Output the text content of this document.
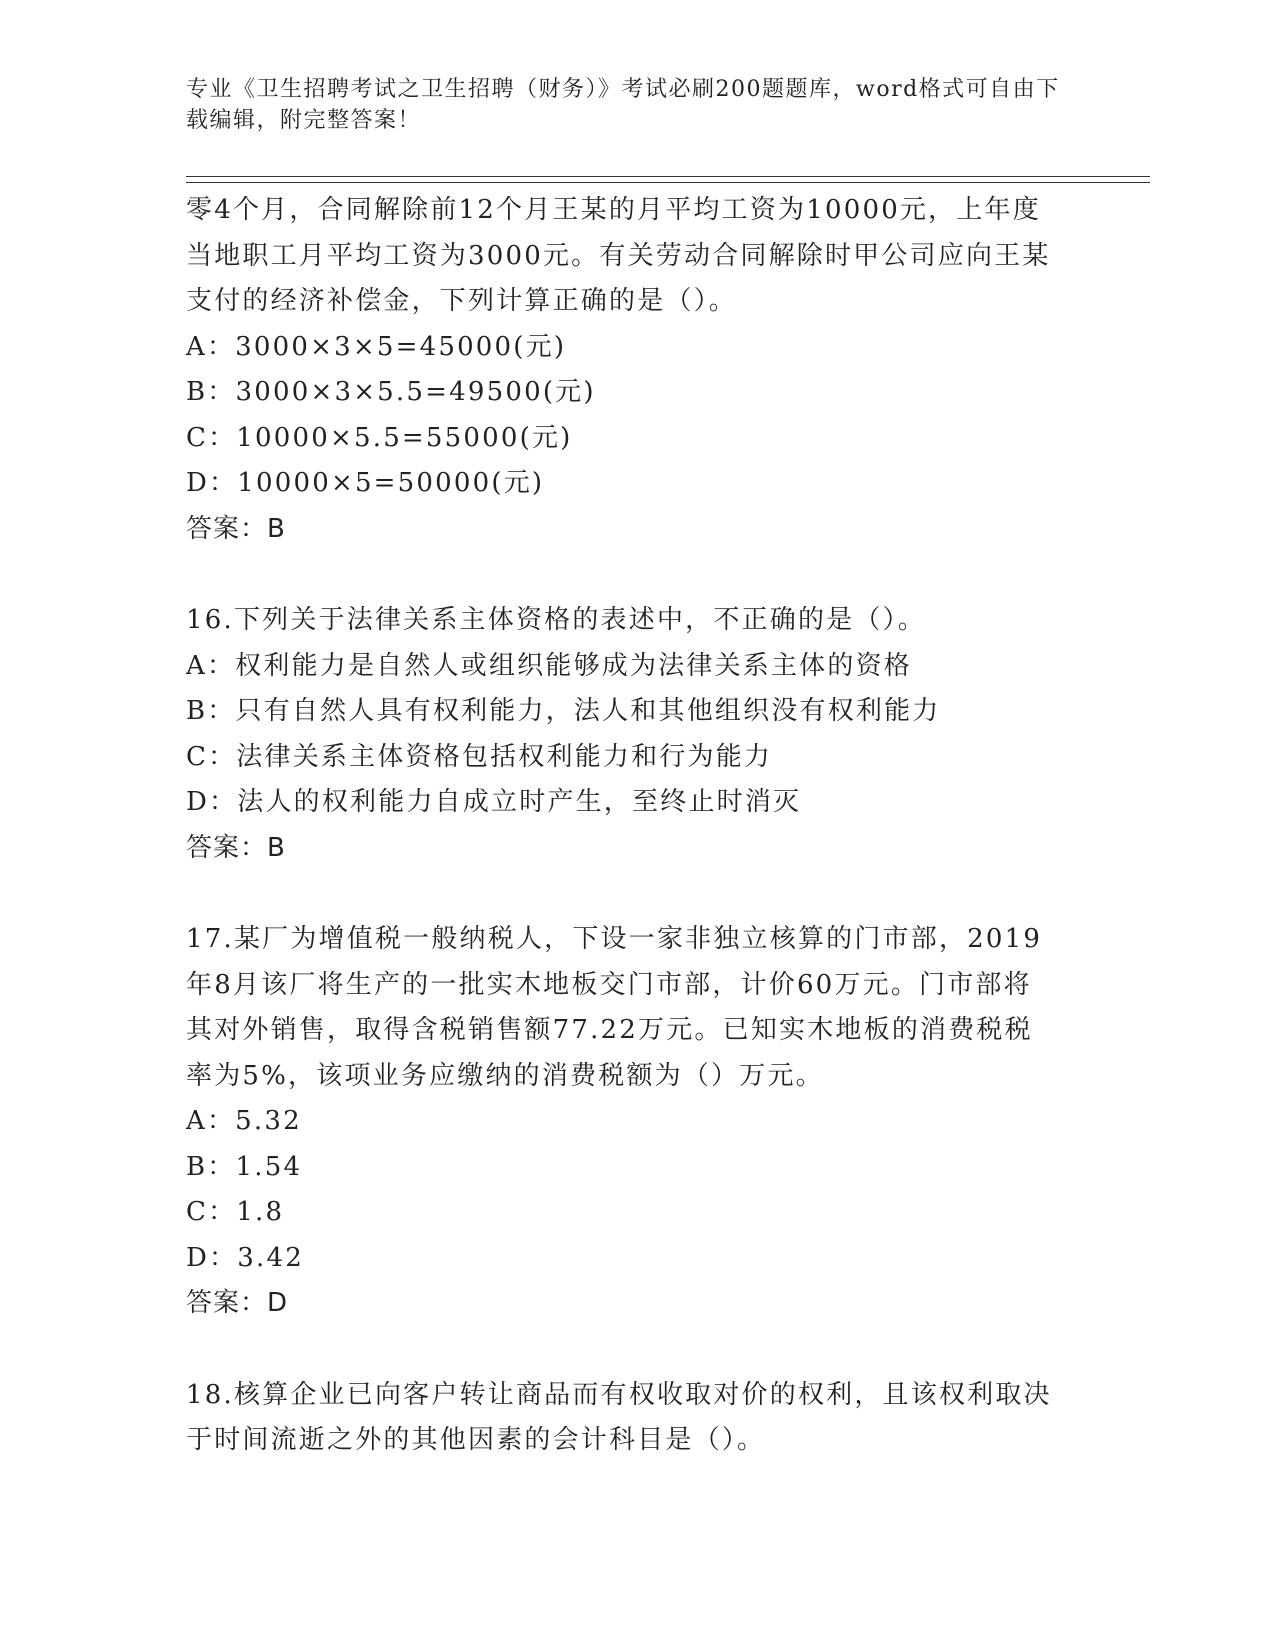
专业《卫生招聘考试之卫生招聘（财务）》考试必刷200题题库，word格式可自由下载编辑，附完整答案！
零4个月，合同解除前12个月王某的月平均工资为10000元，上年度
当地职工月平均工资为3000元。有关劳动合同解除时甲公司应向王某
支付的经济补偿金，下列计算正确的是（）。
A：3000×3×5=45000(元)
B：3000×3×5.5=49500(元)
C：10000×5.5=55000(元)
D：10000×5=50000(元)
答案：B
16.下列关于法律关系主体资格的表述中，不正确的是（）。
A：权利能力是自然人或组织能够成为法律关系主体的资格
B：只有自然人具有权利能力，法人和其他组织没有权利能力
C：法律关系主体资格包括权利能力和行为能力
D：法人的权利能力自成立时产生，至终止时消灭
答案：B
17.某厂为增值税一般纳税人，下设一家非独立核算的门市部，2019
年8月该厂将生产的一批实木地板交门市部，计价60万元。门市部将
其对外销售，取得含税销售额77.22万元。已知实木地板的消费税税
率为5%，该项业务应缴纳的消费税额为（）万元。
A：5.32
B：1.54
C：1.8
D：3.42
答案：D
18.核算企业已向客户转让商品而有权收取对价的权利，且该权利取决
于时间流逝之外的其他因素的会计科目是（）。
